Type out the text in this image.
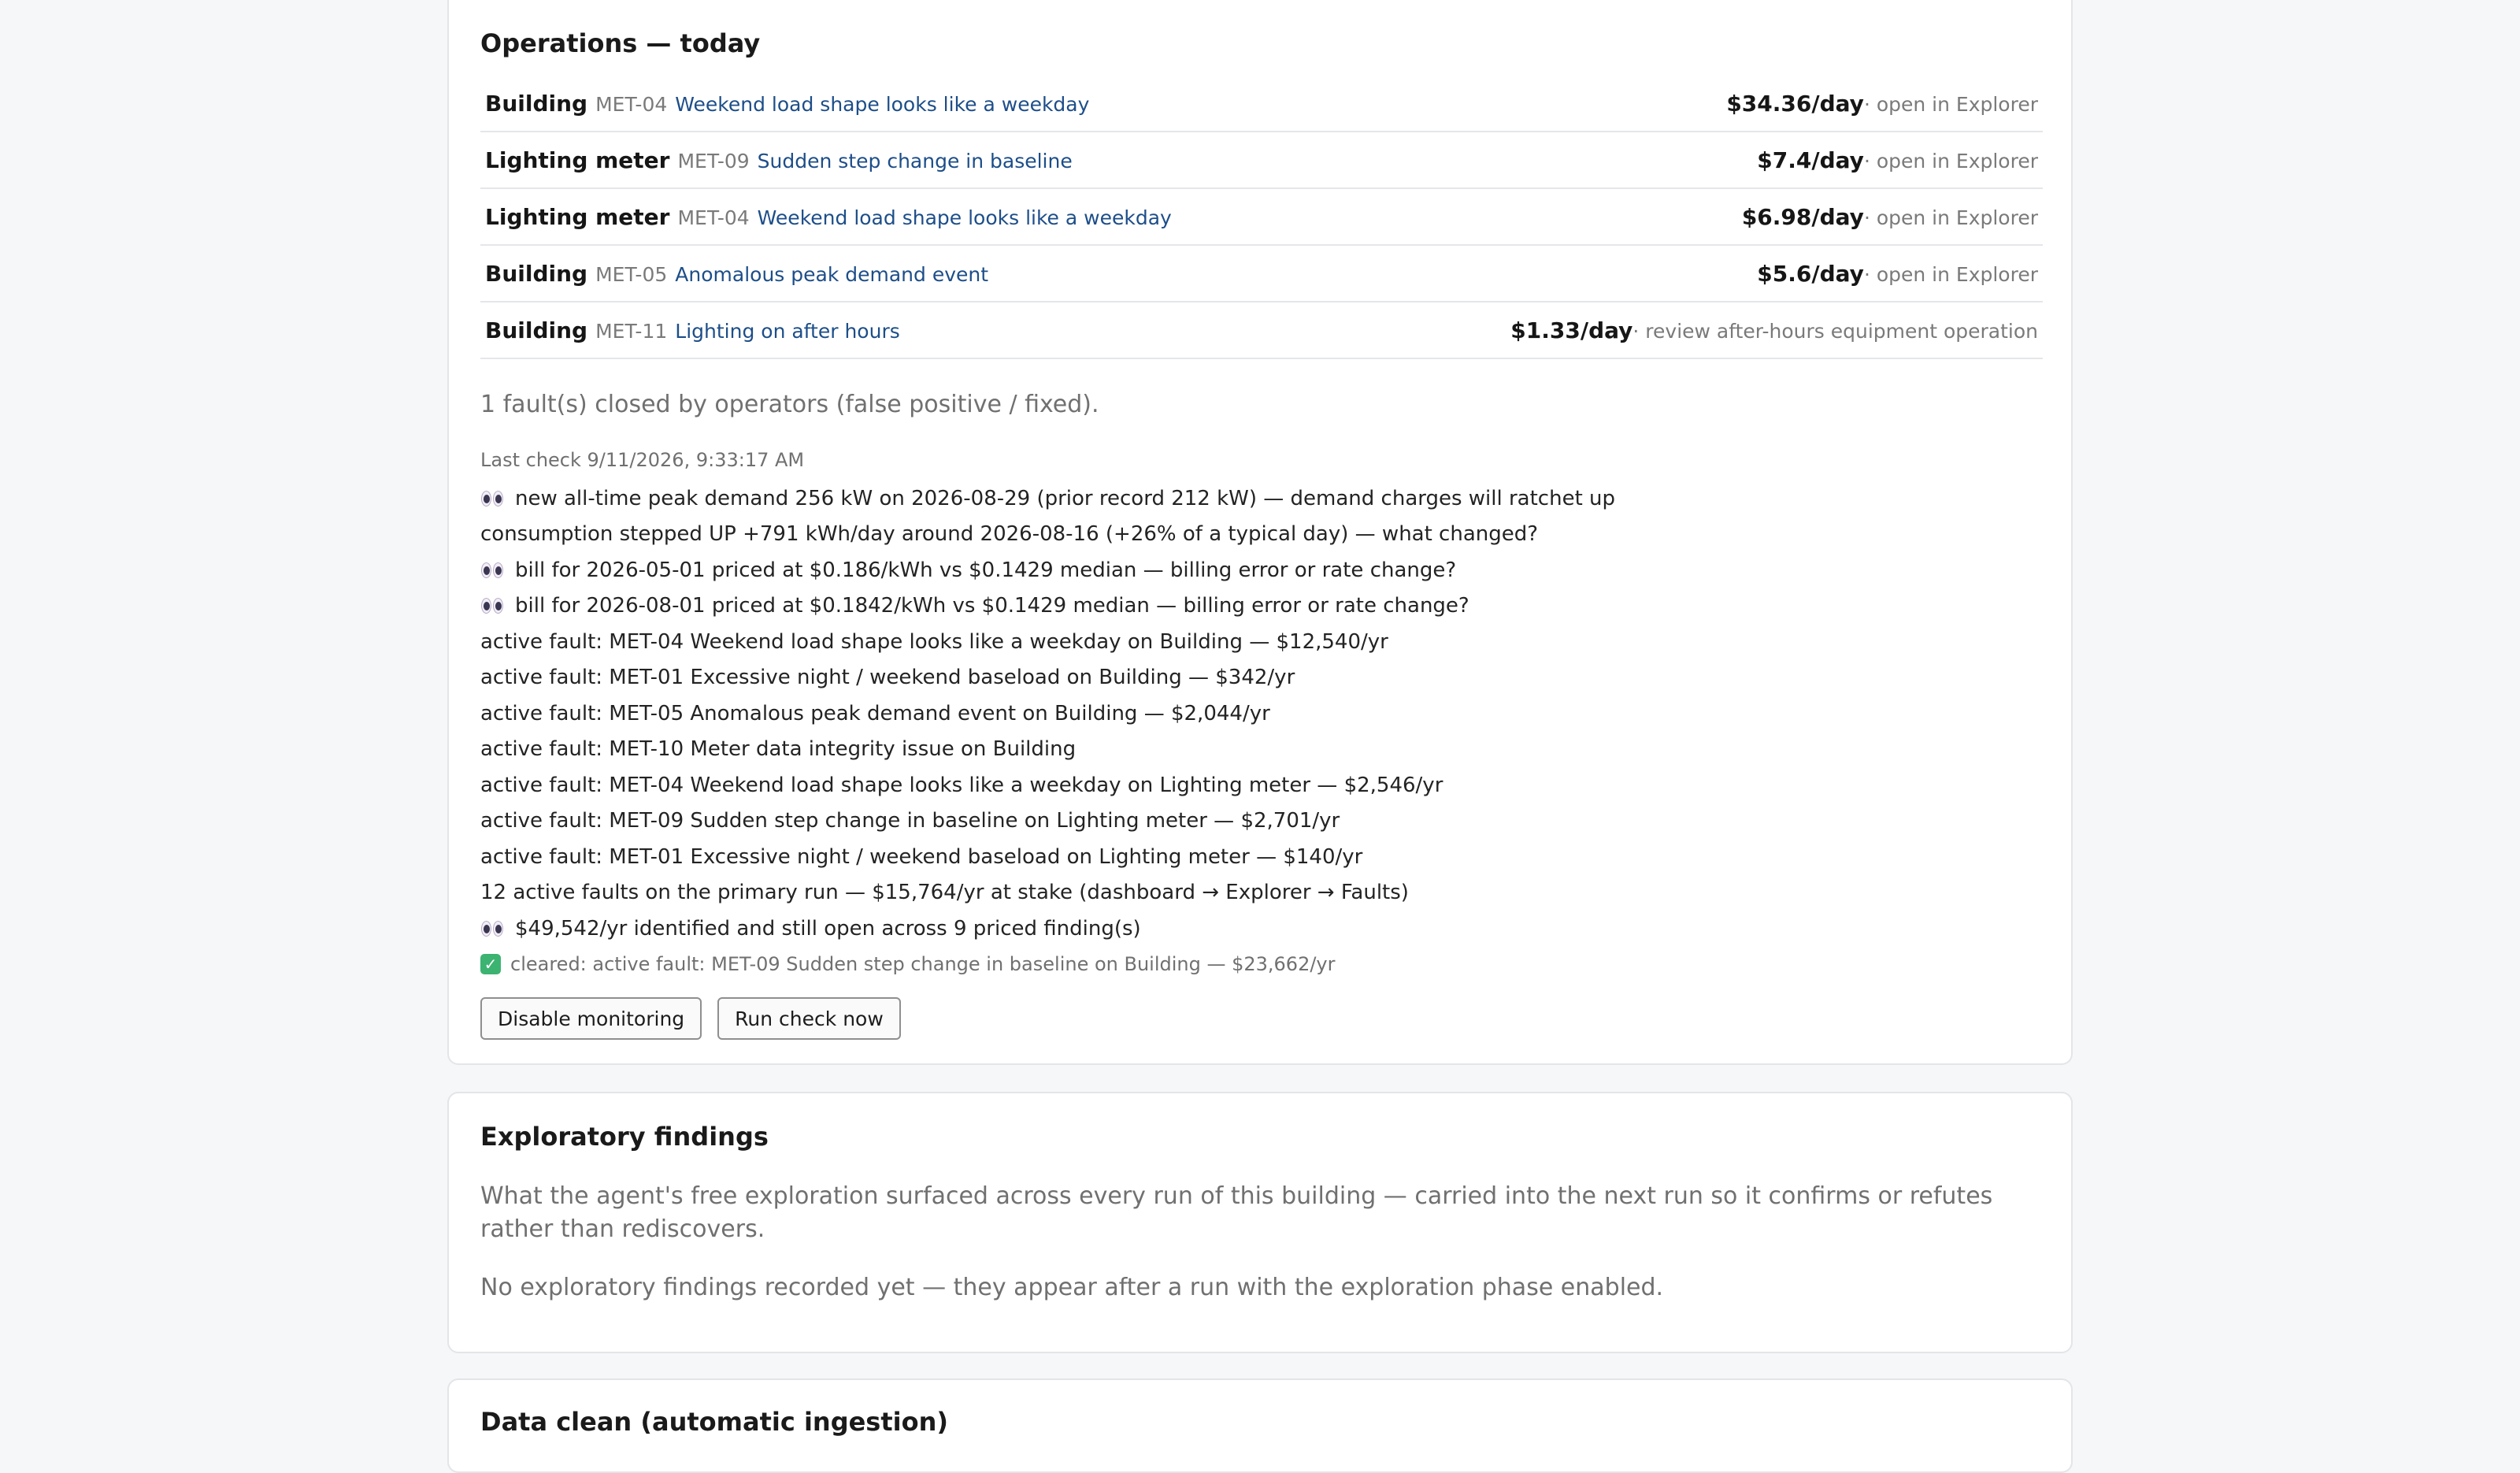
Operations — today
Building MET-04 Weekend load shape looks like a weekday	$34.36/day · open in Explorer
Lighting meter MET-09 Sudden step change in baseline	$7.4/day · open in Explorer
Lighting meter MET-04 Weekend load shape looks like a weekday	$6.98/day · open in Explorer
Building MET-05 Anomalous peak demand event	$5.6/day · open in Explorer
Building MET-11 Lighting on after hours	$1.33/day · review after-hours equipment operation
1 fault(s) closed by operators (false positive / fixed).
Last check 9/11/2026, 9:33:17 AM
new all-time peak demand 256 kW on 2026-08-29 (prior record 212 kW) — demand charges will ratchet up
consumption stepped UP +791 kWh/day around 2026-08-16 (+26% of a typical day) — what changed?
bill for 2026-05-01 priced at $0.186/kWh vs $0.1429 median — billing error or rate change?
bill for 2026-08-01 priced at $0.1842/kWh vs $0.1429 median — billing error or rate change?
active fault: MET-04 Weekend load shape looks like a weekday on Building — $12,540/yr
active fault: MET-01 Excessive night / weekend baseload on Building — $342/yr
active fault: MET-05 Anomalous peak demand event on Building — $2,044/yr
active fault: MET-10 Meter data integrity issue on Building
active fault: MET-04 Weekend load shape looks like a weekday on Lighting meter — $2,546/yr
active fault: MET-09 Sudden step change in baseline on Lighting meter — $2,701/yr
active fault: MET-01 Excessive night / weekend baseload on Lighting meter — $140/yr
12 active faults on the primary run — $15,764/yr at stake (dashboard → Explorer → Faults)
$49,542/yr identified and still open across 9 priced finding(s)
✓ cleared: active fault: MET-09 Sudden step change in baseline on Building — $23,662/yr
Disable monitoring	Run check now
Exploratory findings
What the agent's free exploration surfaced across every run of this building — carried into the next run so it confirms or refutes rather than rediscovers.
No exploratory findings recorded yet — they appear after a run with the exploration phase enabled.
Data clean (automatic ingestion)
